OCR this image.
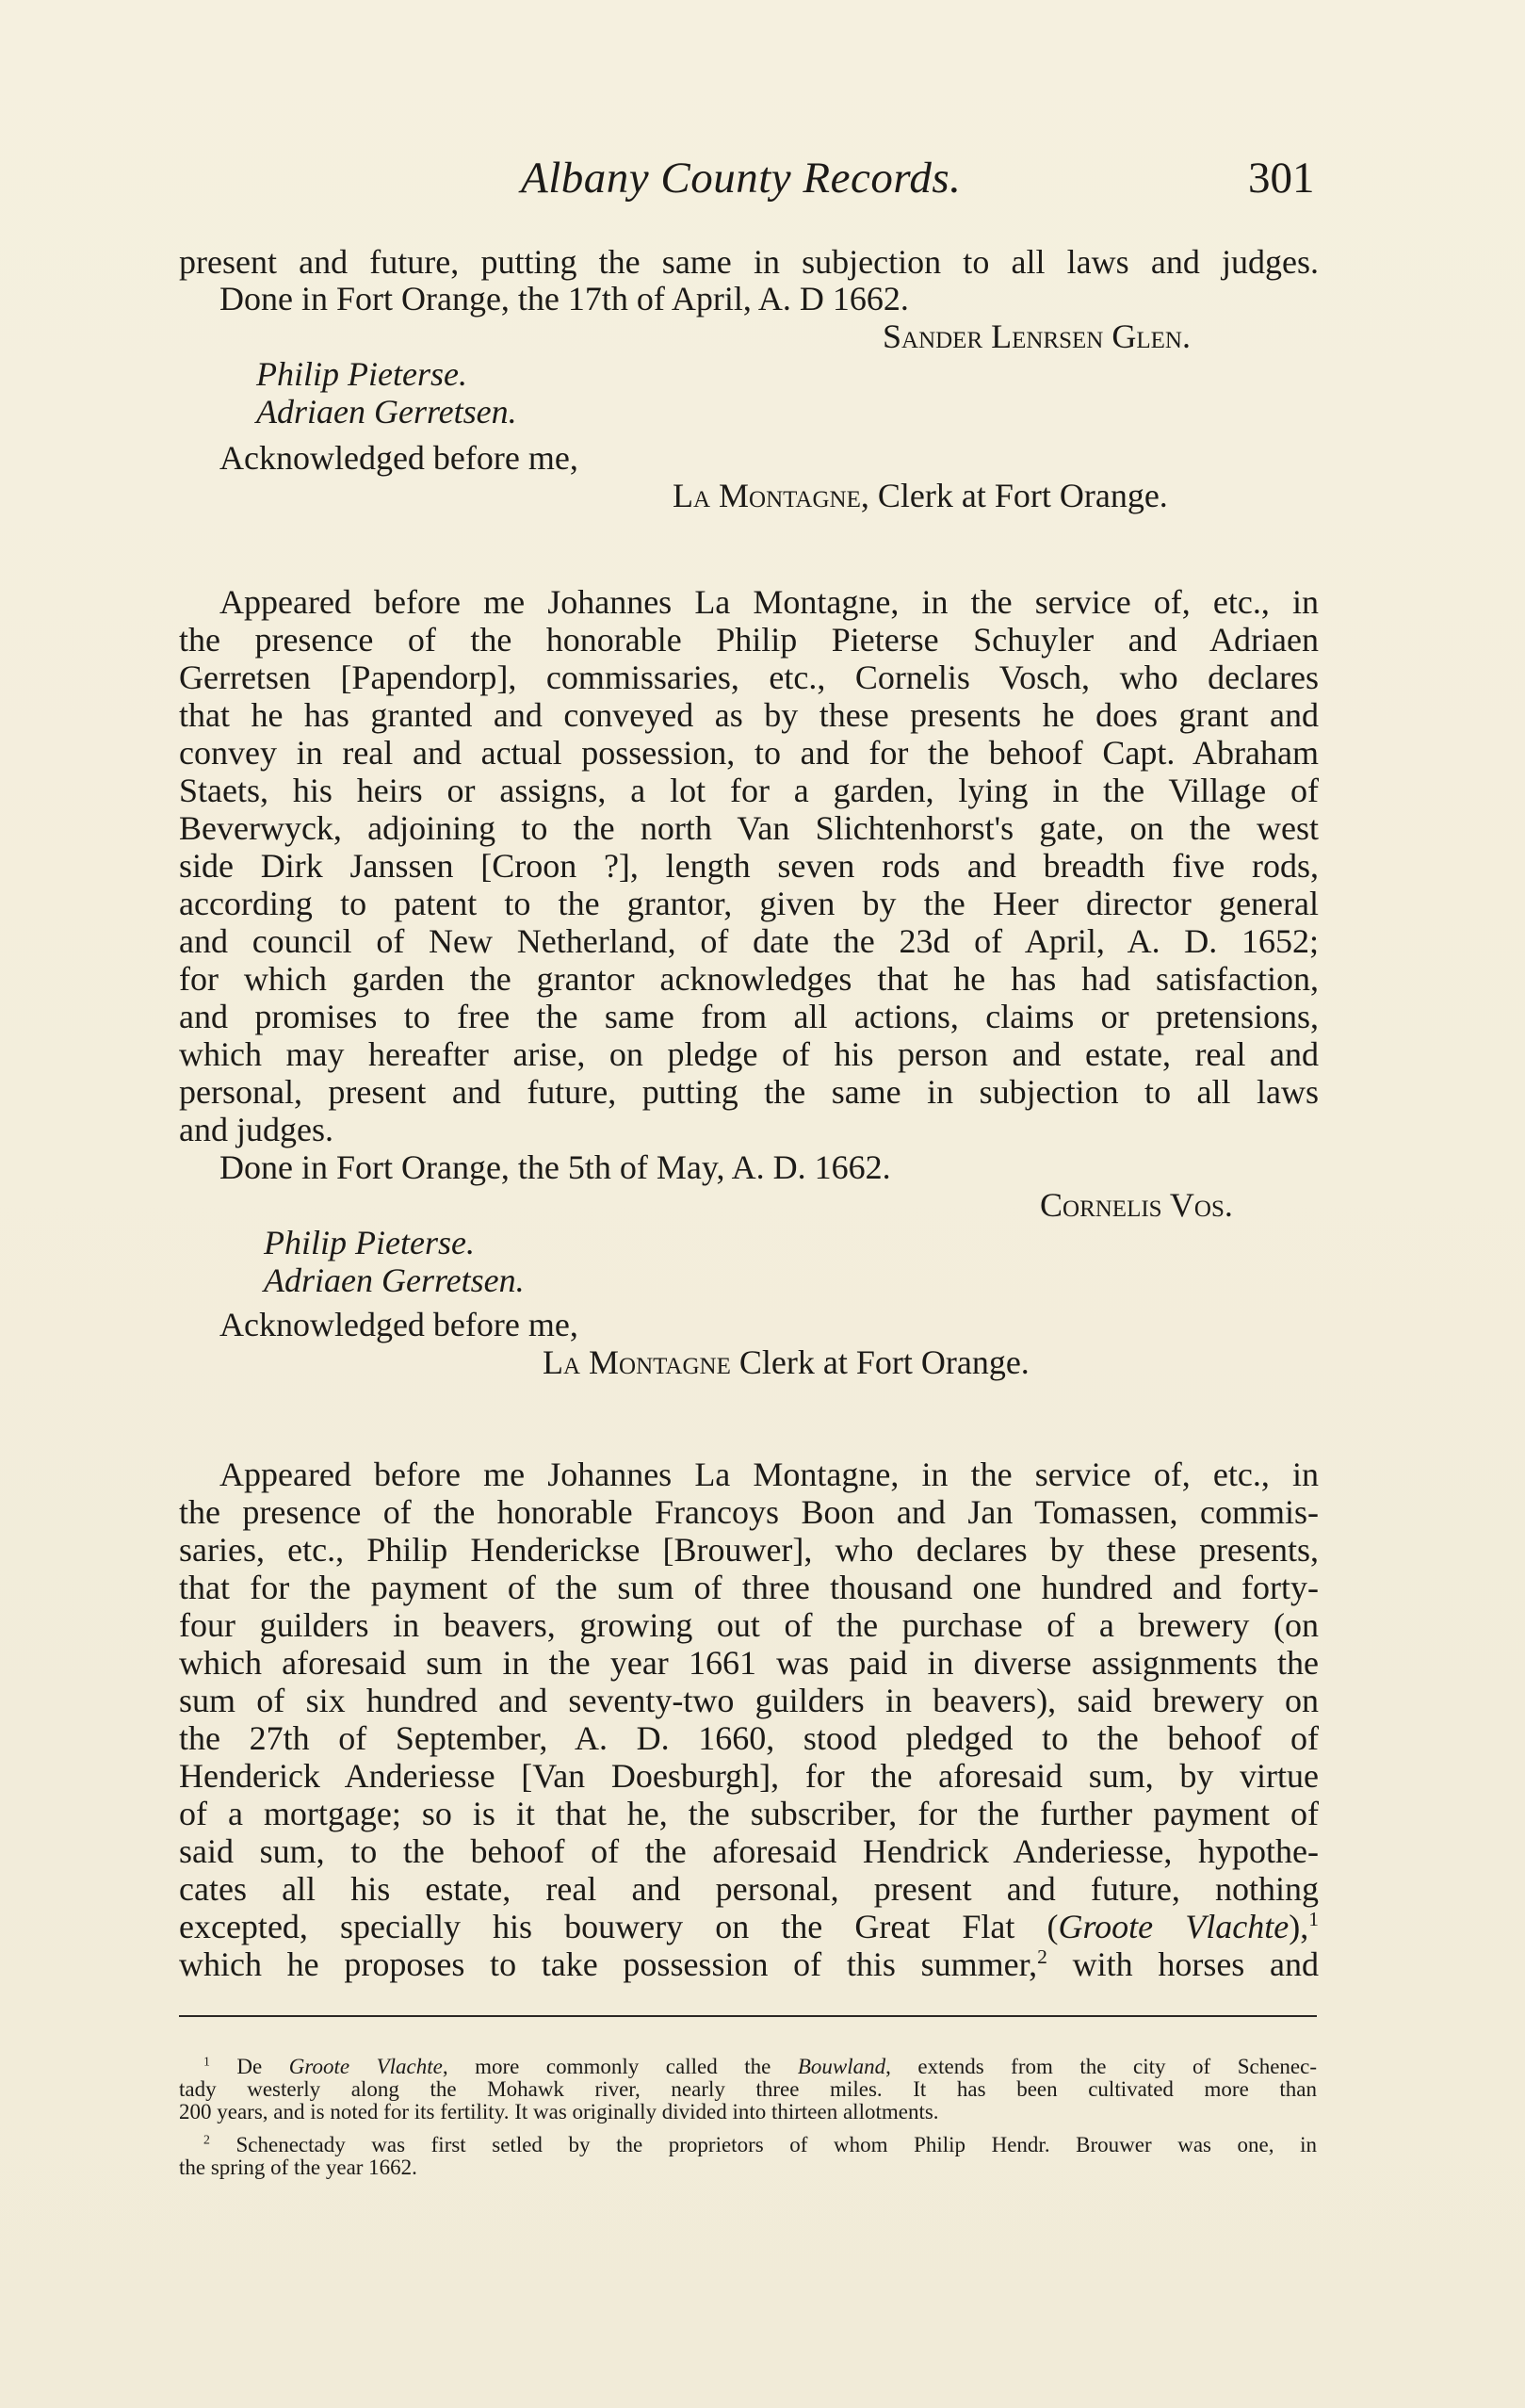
Albany County Records.	301
present and future, putting the same in subjection to all laws and judges.
Done in Fort Orange, the 17th of April, A. D 1662.
Sander Lenrsen Glen.
Philip Pieterse.
Adriaen Gerretsen.
Acknowledged before me,
La Montagne, Clerk at Fort Orange.
Appeared before me Johannes La Montagne, in the service of, etc., in
the presence of the honorable Philip Pieterse Schuyler and Adriaen
Gerretsen [Papendorp], commissaries, etc., Cornelis Vosch, who declares
that he has granted and conveyed as by these presents he does grant and
convey in real and actual possession, to and for the behoof Capt. Abraham
Staets, his heirs or assigns, a lot for a garden, lying in the Village of
Beverwyck, adjoining to the north Van Slichtenhorst's gate, on the west
side Dirk Janssen [Croon ?], length seven rods and breadth five rods,
according to patent to the grantor, given by the Heer director general
and council of New Netherland, of date the 23d of April, A. D. 1652;
for which garden the grantor acknowledges that he has had satisfaction,
and promises to free the same from all actions, claims or pretensions,
which may hereafter arise, on pledge of his person and estate, real and
personal, present and future, putting the same in subjection to all laws
and judges.
Done in Fort Orange, the 5th of May, A. D. 1662.
Cornelis Vos.
Philip Pieterse.
Adriaen Gerretsen.
Acknowledged before me,
La Montagne Clerk at Fort Orange.
Appeared before me Johannes La Montagne, in the service of, etc., in
the presence of the honorable Francoys Boon and Jan Tomassen, commis-
saries, etc., Philip Henderickse [Brouwer], who declares by these presents,
that for the payment of the sum of three thousand one hundred and forty-
four guilders in beavers, growing out of the purchase of a brewery (on
which aforesaid sum in the year 1661 was paid in diverse assignments the
sum of six hundred and seventy-two guilders in beavers), said brewery on
the 27th of September, A. D. 1660, stood pledged to the behoof of
Henderick Anderiesse [Van Doesburgh], for the aforesaid sum, by virtue
of a mortgage; so is it that he, the subscriber, for the further payment of
said sum, to the behoof of the aforesaid Hendrick Anderiesse, hypothe-
cates all his estate, real and personal, present and future, nothing
excepted, specially his bouwery on the Great Flat (Groote Vlachte),$^1$
which he proposes to take possession of this summer,$^2$ with horses and
$^1$ De Groote Vlachte, more commonly called the Bouwland, extends from the city of Schenec-
tady westerly along the Mohawk river, nearly three miles. It has been cultivated more than
200 years, and is noted for its fertility. It was originally divided into thirteen allotments.
$^2$ Schenectady was first setled by the proprietors of whom Philip Hendr. Brouwer was one, in
the spring of the year 1662.
